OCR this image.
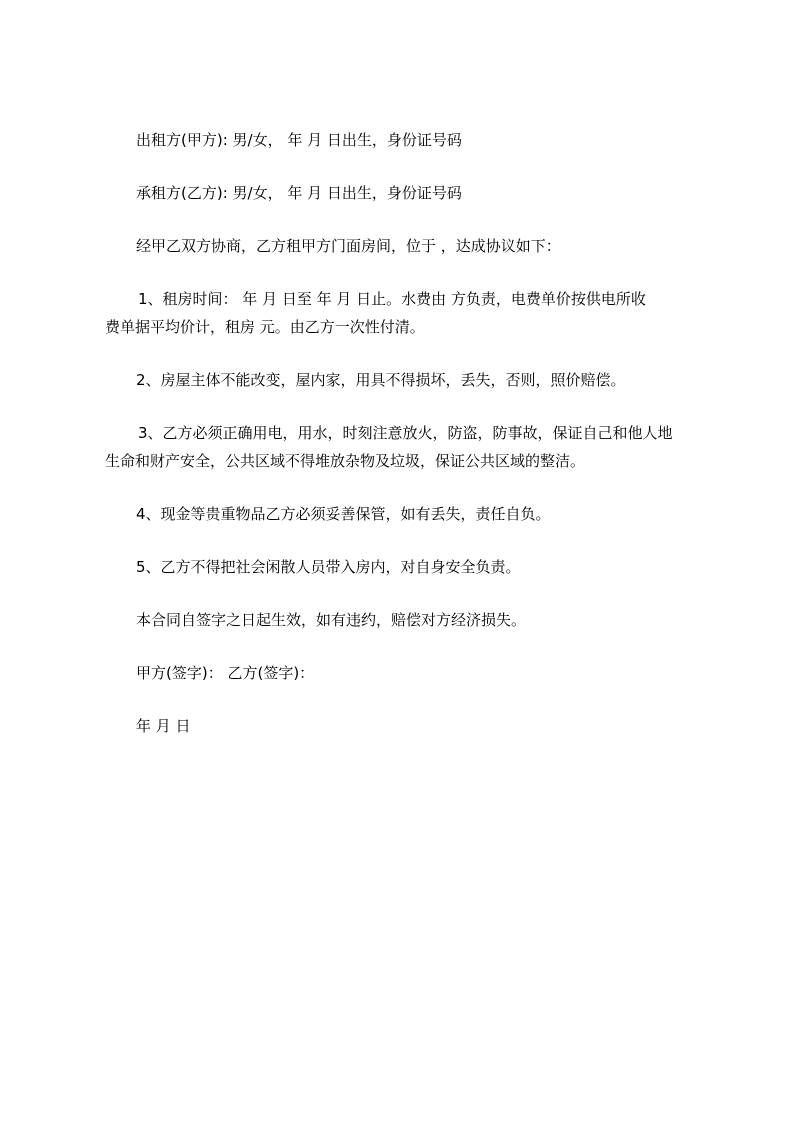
出租方(甲方): 男/女， 年 月 日出生，身份证号码
承租方(乙方): 男/女， 年 月 日出生，身份证号码
经甲乙双方协商，乙方租甲方门面房间，位于 ，达成协议如下：
1、租房时间： 年 月 日至 年 月 日止。水费由 方负责，电费单价按供电所收
费单据平均价计，租房 元。由乙方一次性付清。
2、房屋主体不能改变，屋内家，用具不得损坏，丢失，否则，照价赔偿。
3、乙方必须正确用电，用水，时刻注意放火，防盗，防事故，保证自己和他人地
生命和财产安全，公共区域不得堆放杂物及垃圾，保证公共区域的整洁。
4、现金等贵重物品乙方必须妥善保管，如有丢失，责任自负。
5、乙方不得把社会闲散人员带入房内，对自身安全负责。
本合同自签字之日起生效，如有违约，赔偿对方经济损失。
甲方(签字)： 乙方(签字)：
年 月 日
